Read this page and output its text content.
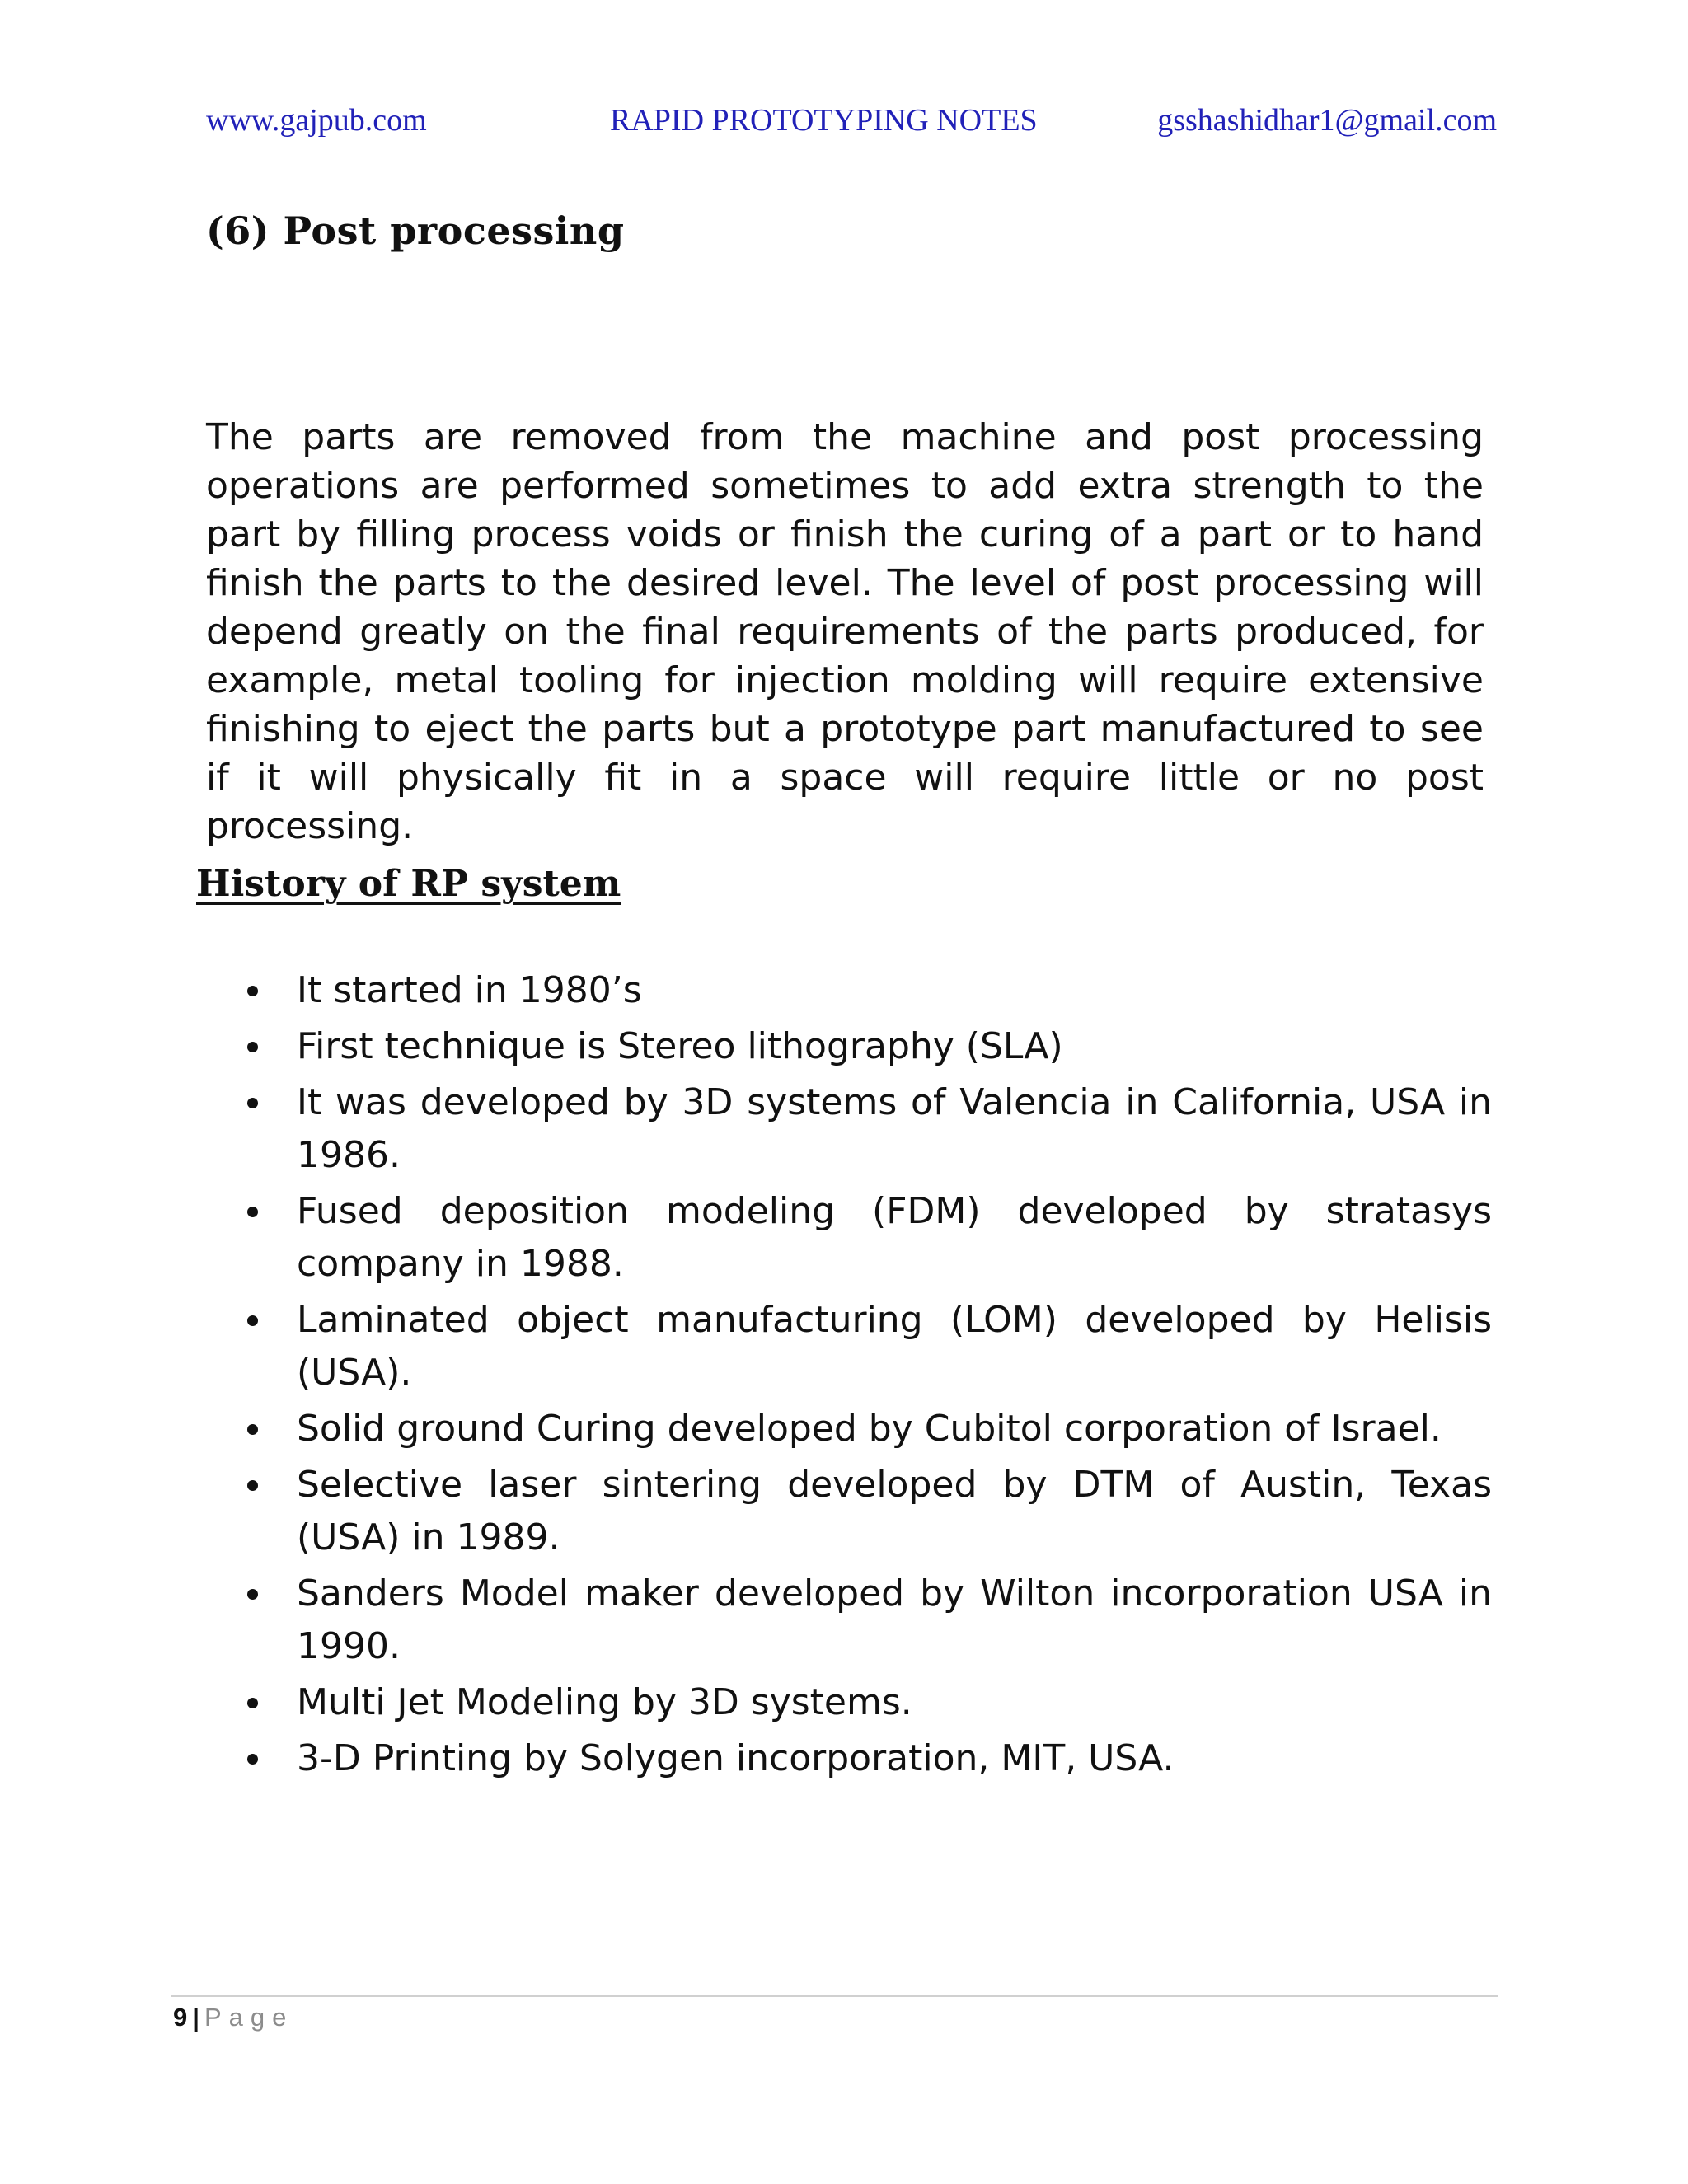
www.gajpub.com	RAPID PROTOTYPING NOTES	gsshashidhar1@gmail.com
(6) Post processing

The parts are removed from the machine and post processing operations are performed sometimes to add extra strength to the part by filling process voids or finish the curing of a part or to hand finish the parts to the desired level. The level of post processing will depend greatly on the final requirements of the parts produced, for example, metal tooling for injection molding will require extensive finishing to eject the parts but a prototype part manufactured to see if it will physically fit in a space will require little or no post processing.

History of RP system
It started in 1980’s
First technique is Stereo lithography (SLA)
It was developed by 3D systems of Valencia in California, USA in 1986.
Fused deposition modeling (FDM) developed by stratasys company in 1988.
Laminated object manufacturing (LOM) developed by Helisis (USA).
Solid ground Curing developed by Cubitol corporation of Israel.
Selective laser sintering developed by DTM of Austin, Texas (USA) in 1989.
Sanders Model maker developed by Wilton incorporation USA in 1990.
Multi Jet Modeling by 3D systems.
3-D Printing by Solygen incorporation, MIT, USA.
9 | Page
